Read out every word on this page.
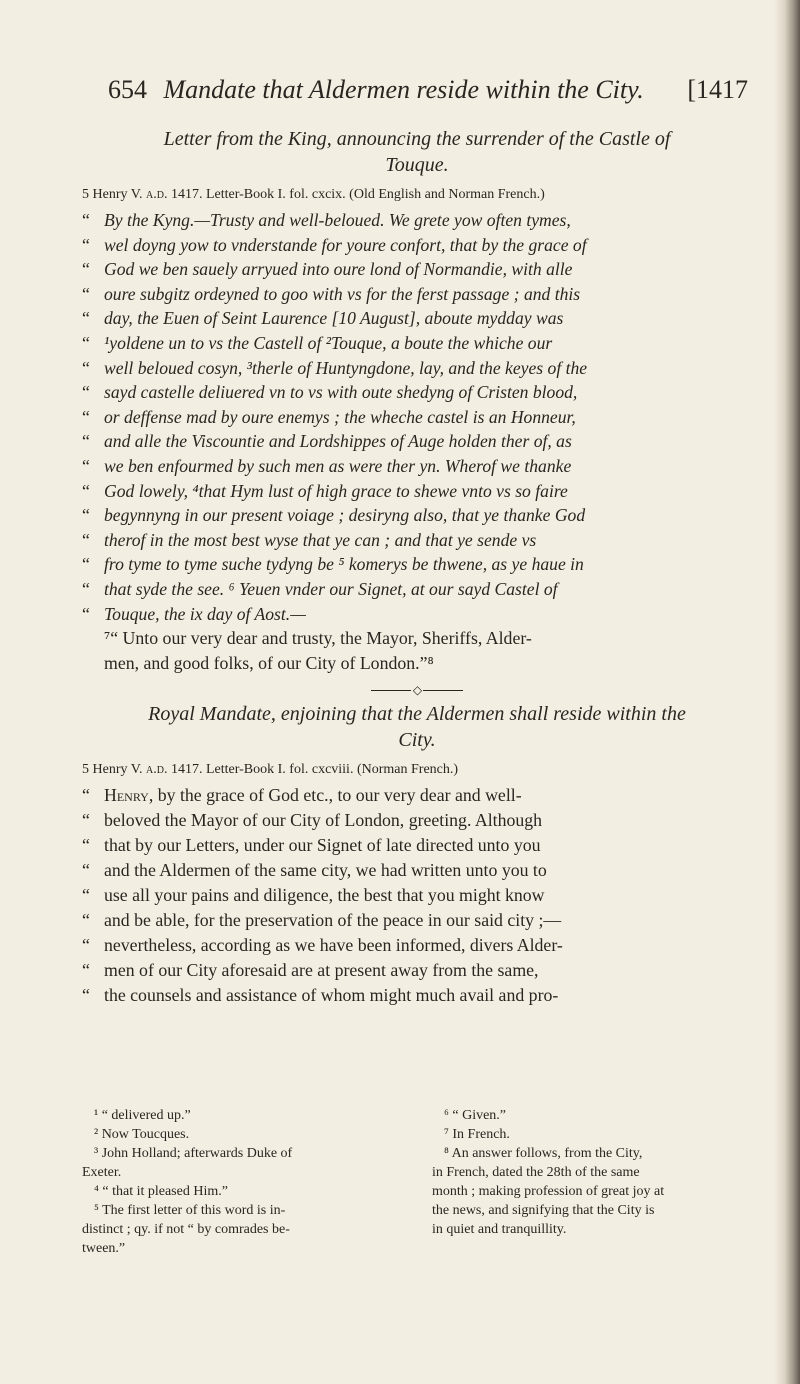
654 Mandate that Aldermen reside within the City. [1417

Letter from the King, announcing the surrender of the Castle of
Touque.

5 Henry V. a.d. 1417. Letter-Book I. fol. cxcix. (Old English and Norman French.)

“ By the Kyng.—Trusty and well-beloued. We grete yow often tymes,
“ wel doyng yow to vnderstande for youre confort, that by the grace of
“ God we ben sauely arryued into oure lond of Normandie, with alle
“ oure subgitz ordeyned to goo with vs for the ferst passage ; and this
“ day, the Euen of Seint Laurence [10 August], aboute mydday was
“ ¹yoldene un to vs the Castell of ²Touque, a boute the whiche our
“ well beloued cosyn, ³therle of Huntyngdone, lay, and the keyes of the
“ sayd castelle deliuered vn to vs with oute shedyng of Cristen blood,
“ or deffense mad by oure enemys ; the wheche castel is an Honneur,
“ and alle the Viscountie and Lordshippes of Auge holden ther of, as
“ we ben enfourmed by such men as were ther yn. Wherof we thanke
“ God lowely, ⁴that Hym lust of high grace to shewe vnto vs so faire
“ begynnyng in our present voiage ; desiryng also, that ye thanke God
“ therof in the most best wyse that ye can ; and that ye sende vs
“ fro tyme to tyme suche tydyng be ⁵ komerys be thwene, as ye haue in
“ that syde the see. ⁶ Yeuen vnder our Signet, at our sayd Castel of
“ Touque, the ix day of Aost.—
⁷“ Unto our very dear and trusty, the Mayor, Sheriffs, Alder-
men, and good folks, of our City of London.”⁸
◇

Royal Mandate, enjoining that the Aldermen shall reside within the
City.

5 Henry V. a.d. 1417. Letter-Book I. fol. cxcviii. (Norman French.)

“ Henry, by the grace of God etc., to our very dear and well-
“ beloved the Mayor of our City of London, greeting. Although
“ that by our Letters, under our Signet of late directed unto you
“ and the Aldermen of the same city, we had written unto you to
“ use all your pains and diligence, the best that you might know
“ and be able, for the preservation of the peace in our said city ;—
“ nevertheless, according as we have been informed, divers Alder-
“ men of our City aforesaid are at present away from the same,
“ the counsels and assistance of whom might much avail and pro-

¹ “ delivered up.”

² Now Toucques.

³ John Holland; afterwards Duke of

Exeter.

⁴ “ that it pleased Him.”

⁵ The first letter of this word is in-

distinct ; qy. if not “ by comrades be-

tween.”

⁶ “ Given.”

⁷ In French.

⁸ An answer follows, from the City,

in French, dated the 28th of the same

month ; making profession of great joy at

the news, and signifying that the City is

in quiet and tranquillity.
